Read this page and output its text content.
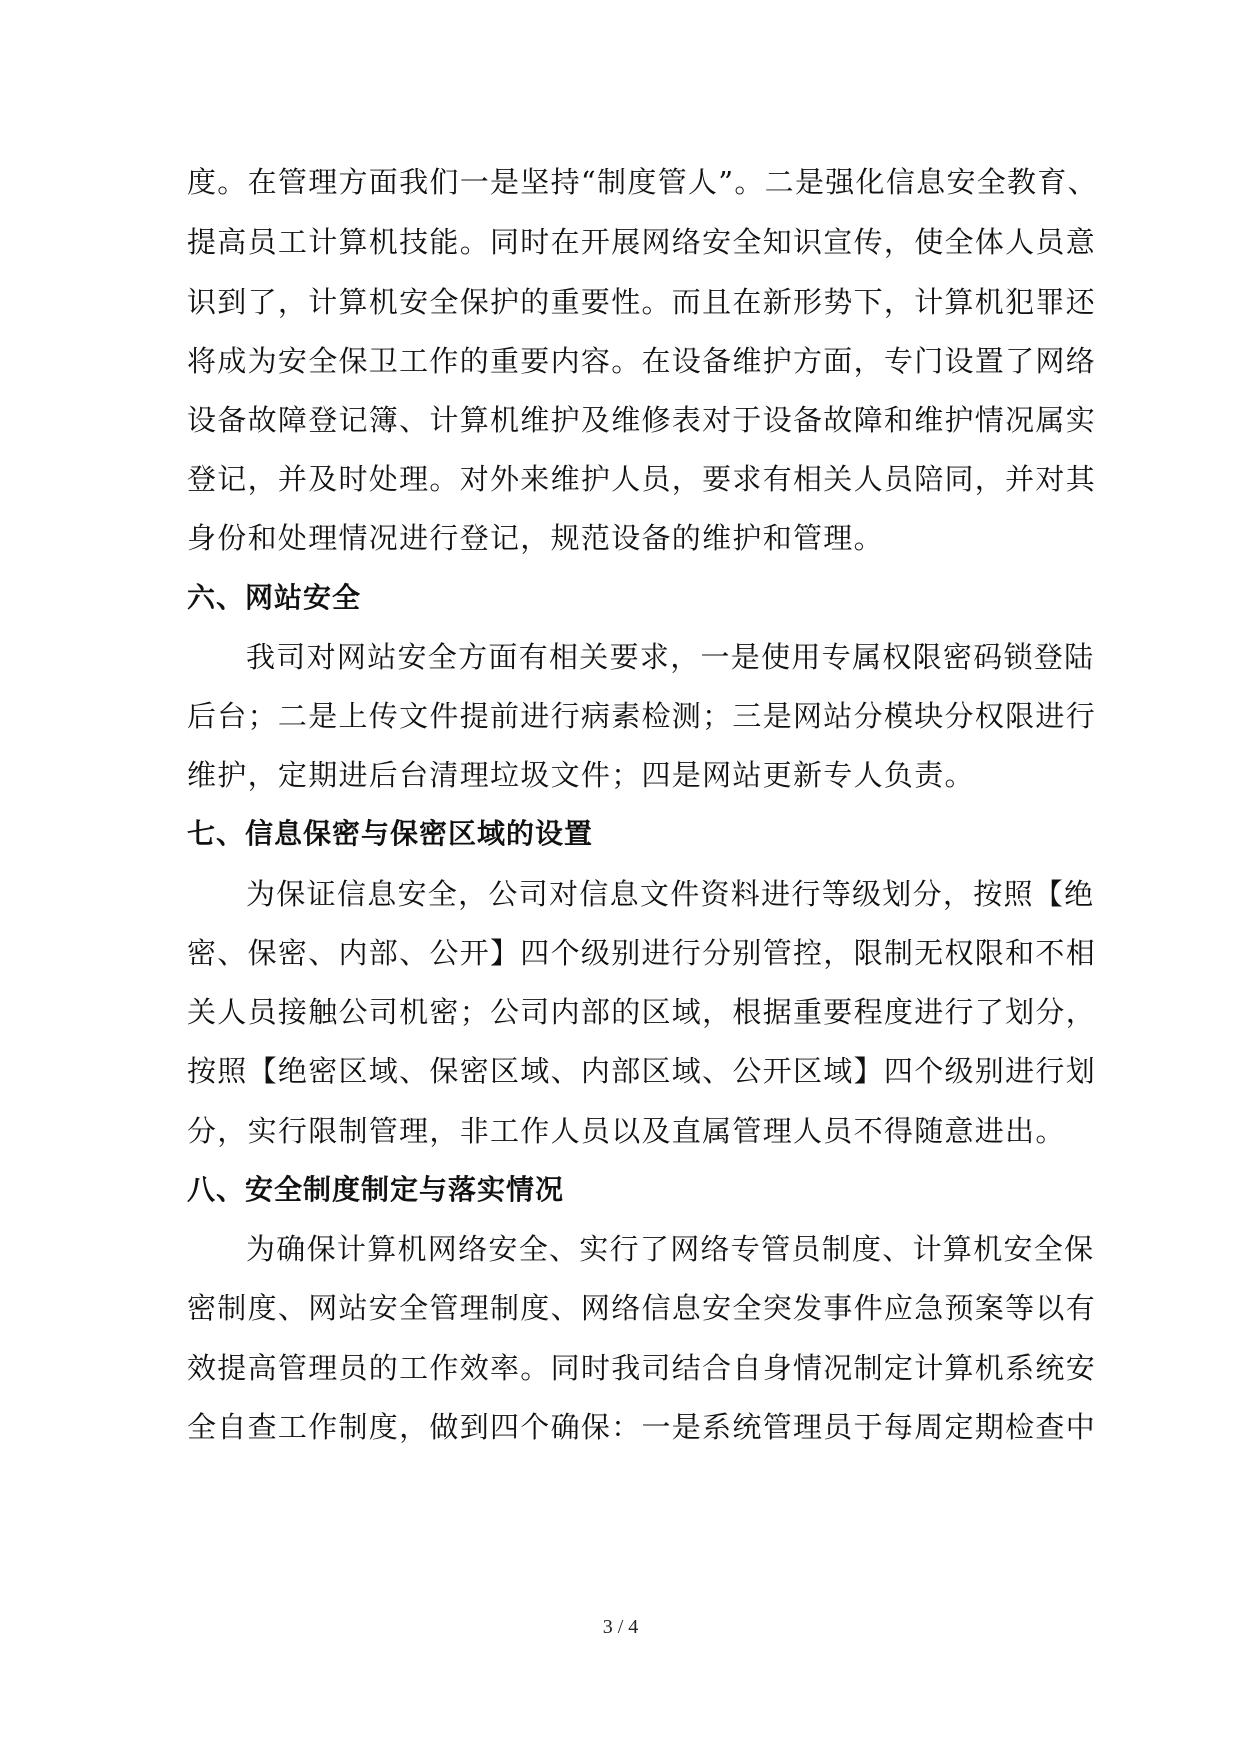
度。在管理方面我们一是坚持“制度管人”。二是强化信息安全教育、
提高员工计算机技能。同时在开展网络安全知识宣传，使全体人员意
识到了，计算机安全保护的重要性。而且在新形势下，计算机犯罪还
将成为安全保卫工作的重要内容。在设备维护方面，专门设置了网络
设备故障登记簿、计算机维护及维修表对于设备故障和维护情况属实
登记，并及时处理。对外来维护人员，要求有相关人员陪同，并对其
身份和处理情况进行登记，规范设备的维护和管理。
六、网站安全
我司对网站安全方面有相关要求，一是使用专属权限密码锁登陆
后台；二是上传文件提前进行病素检测；三是网站分模块分权限进行
维护，定期进后台清理垃圾文件；四是网站更新专人负责。
七、信息保密与保密区域的设置
为保证信息安全，公司对信息文件资料进行等级划分，按照【绝
密、保密、内部、公开】四个级别进行分别管控，限制无权限和不相
关人员接触公司机密；公司内部的区域，根据重要程度进行了划分，
按照【绝密区域、保密区域、内部区域、公开区域】四个级别进行划
分，实行限制管理，非工作人员以及直属管理人员不得随意进出。
八、安全制度制定与落实情况
为确保计算机网络安全、实行了网络专管员制度、计算机安全保
密制度、网站安全管理制度、网络信息安全突发事件应急预案等以有
效提高管理员的工作效率。同时我司结合自身情况制定计算机系统安
全自查工作制度，做到四个确保：一是系统管理员于每周定期检查中
3 / 4
